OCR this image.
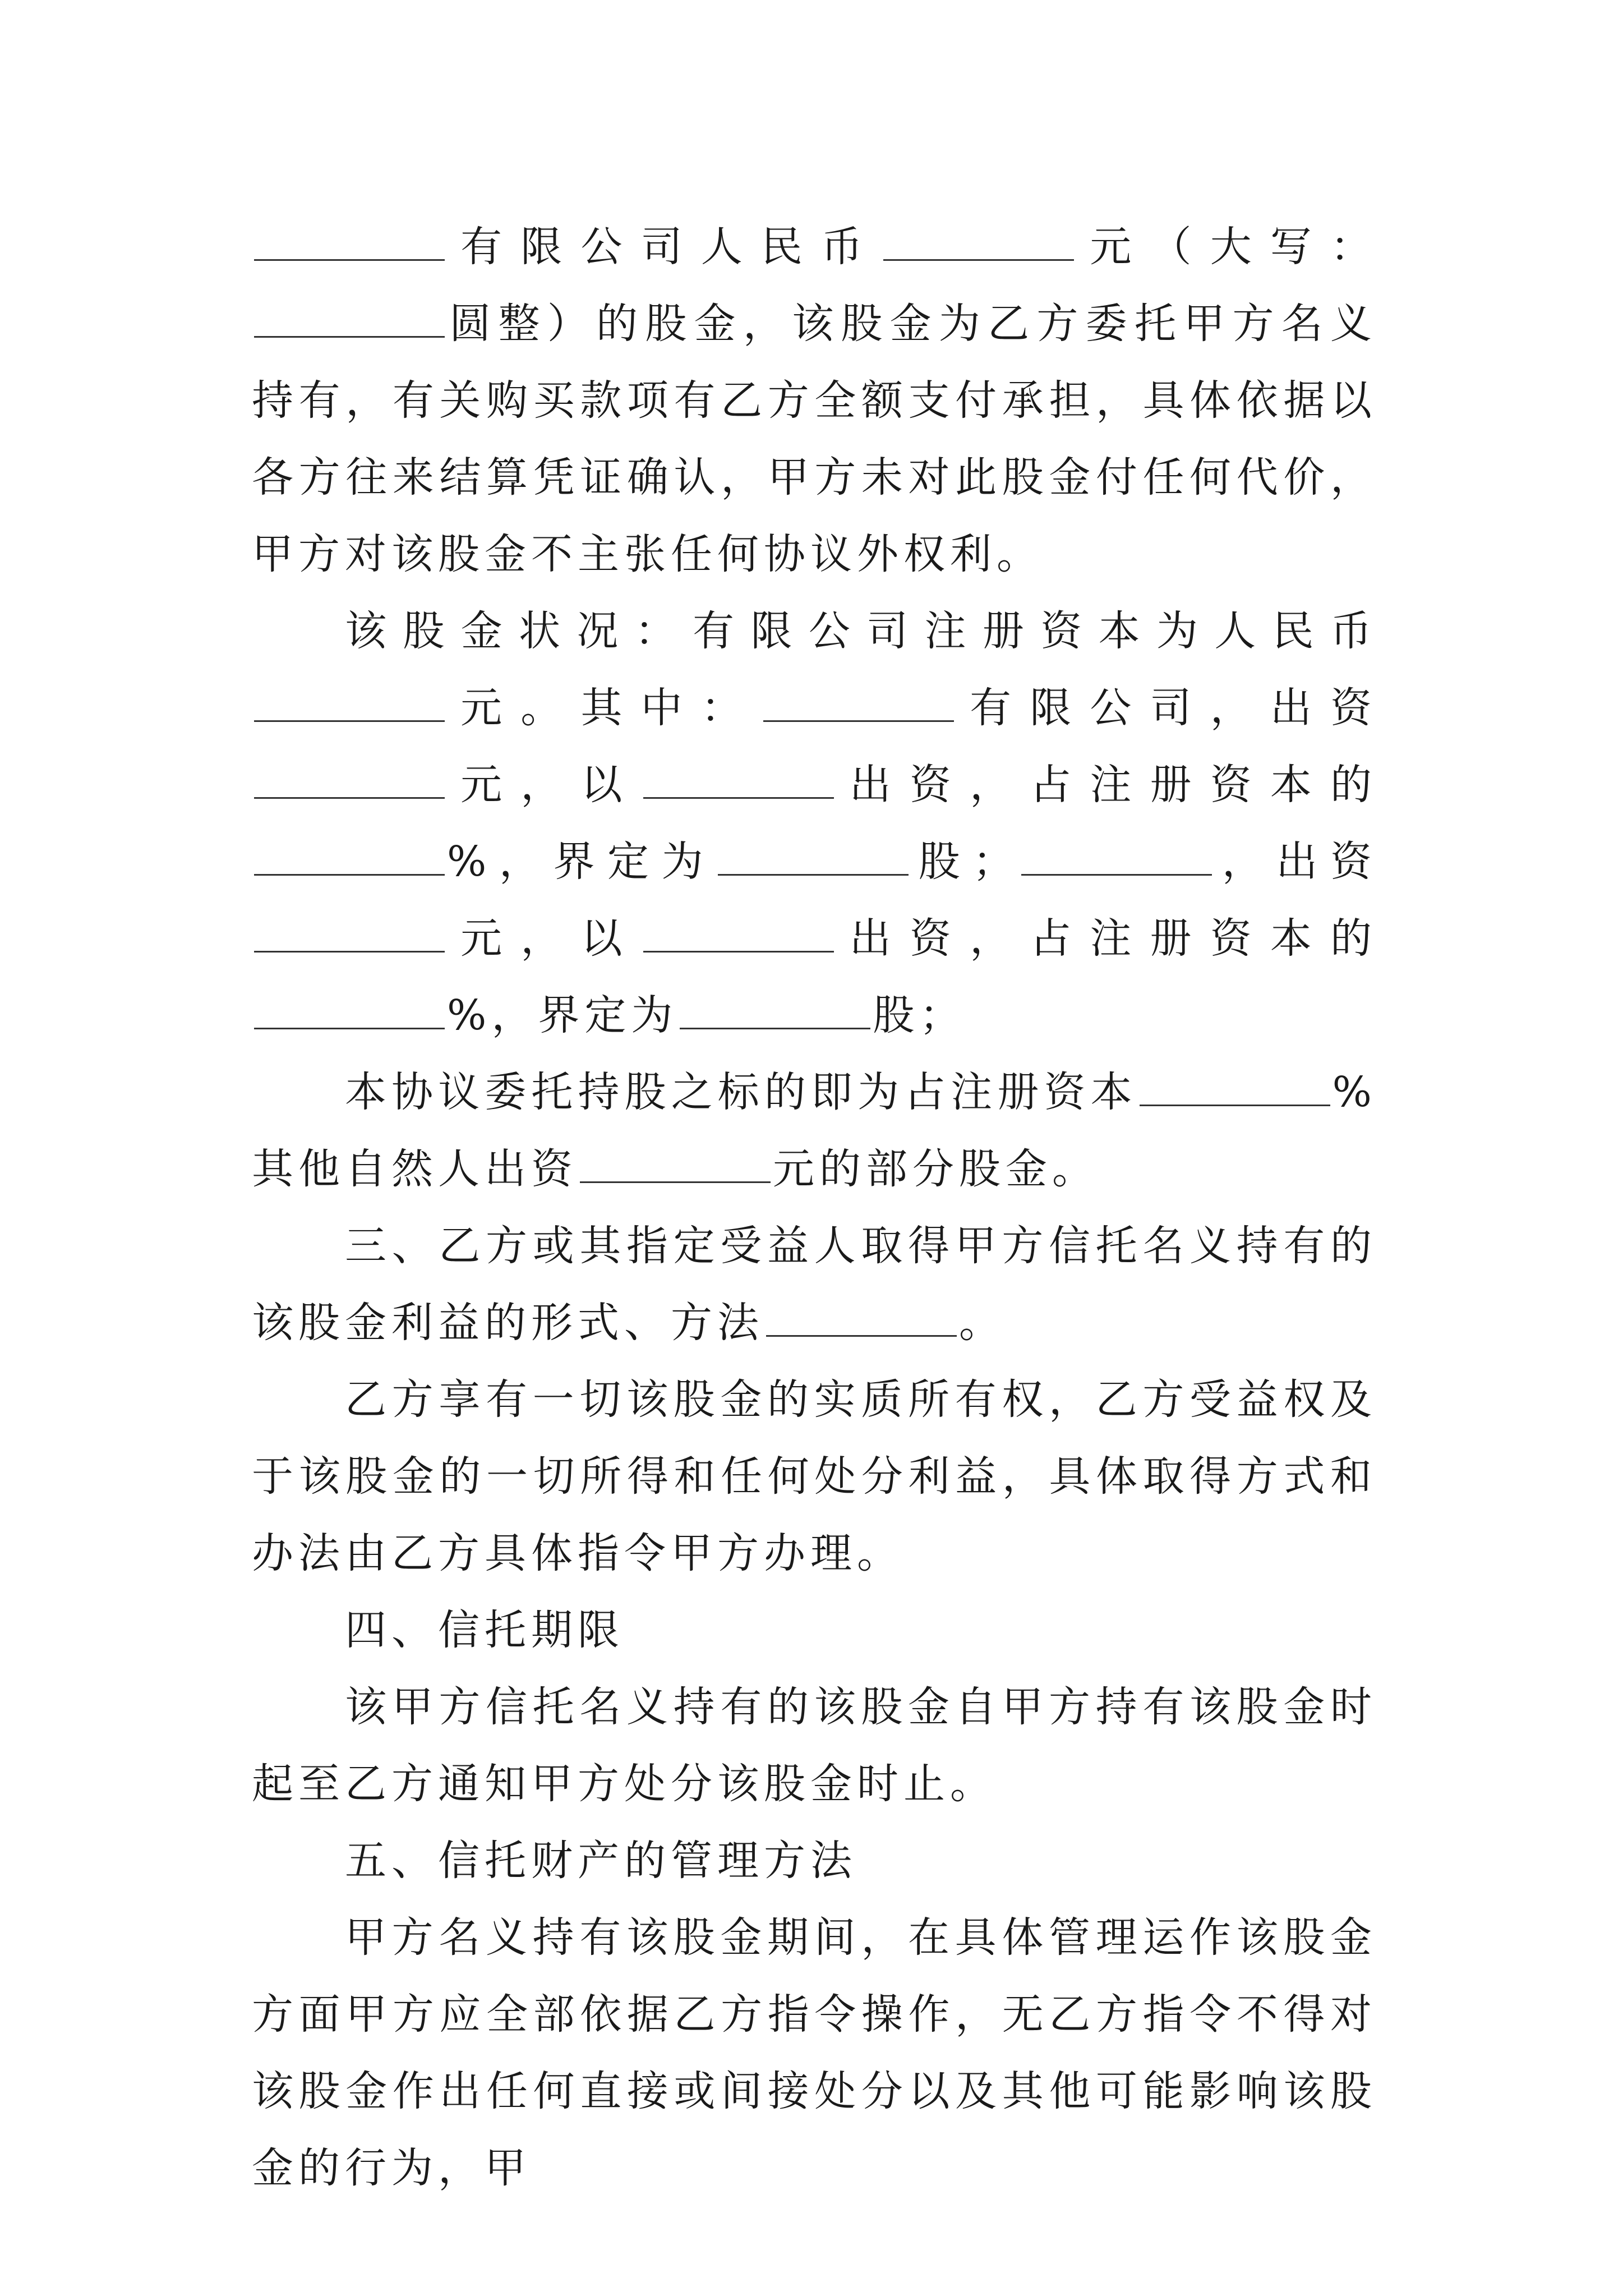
有限公司人民币	元（大写：圆整）的股金，该股金为乙方委托甲方名义持有，有关购买款项有乙方全额支付承担，具体依据以各方往来结算凭证确认，甲方未对此股金付任何代价，甲方对该股金不主张任何协议外权利。

该股金状况：有限公司注册资本为人民币元。其中：	有限公司，出资元，以	出资，占注册资本的%，界定为	股；	，出资元，以	出资，占注册资本的%，界定为	股；

本协议委托持股之标的即为占注册资本	%其他自然人出资	元的部分股金。

三、乙方或其指定受益人取得甲方信托名义持有的该股金利益的形式、方法	。

乙方享有一切该股金的实质所有权，乙方受益权及于该股金的一切所得和任何处分利益，具体取得方式和办法由乙方具体指令甲方办理。

四、信托期限

该甲方信托名义持有的该股金自甲方持有该股金时起至乙方通知甲方处分该股金时止。

五、信托财产的管理方法

甲方名义持有该股金期间，在具体管理运作该股金方面甲方应全部依据乙方指令操作，无乙方指令不得对该股金作出任何直接或间接处分以及其他可能影响该股金的行为，甲
